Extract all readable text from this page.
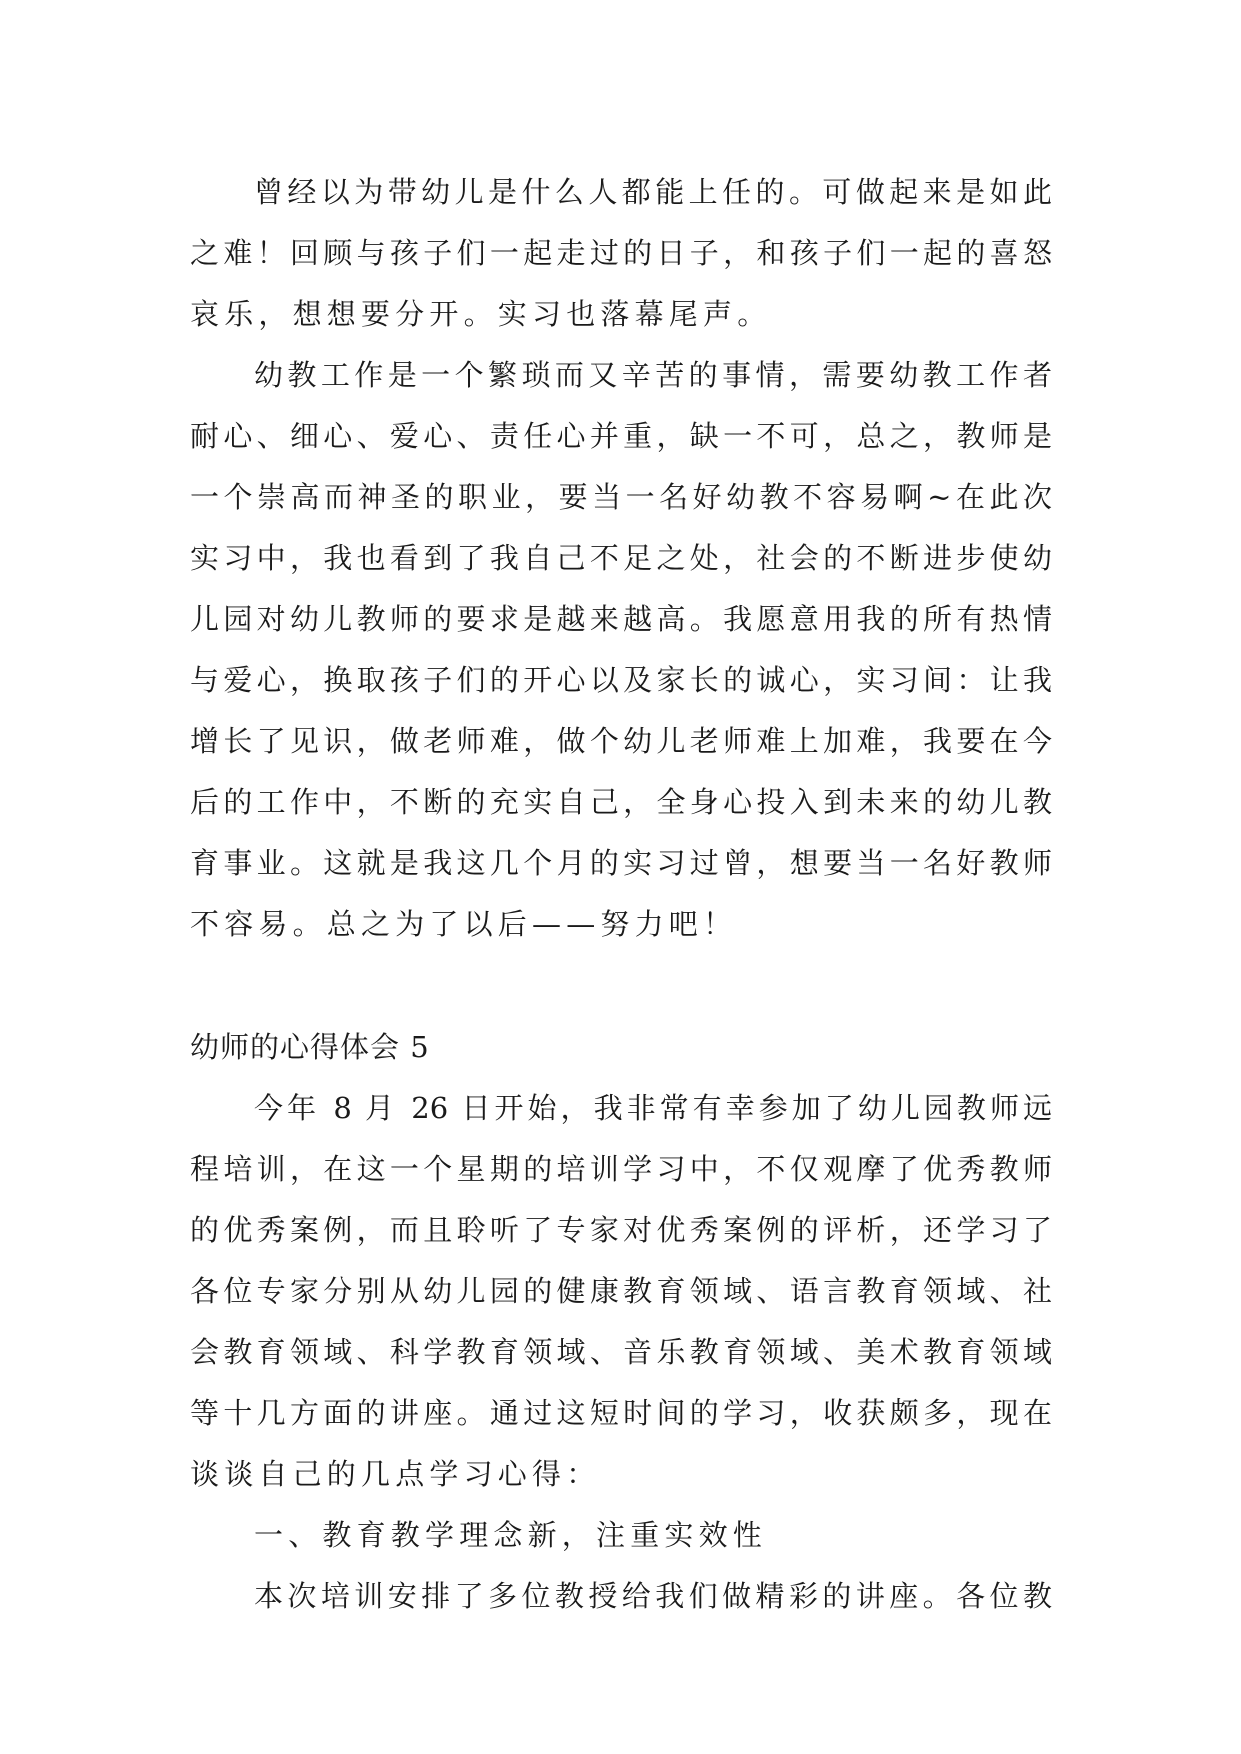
曾经以为带幼儿是什么人都能上任的。可做起来是如此
之难！回顾与孩子们一起走过的日子，和孩子们一起的喜怒
哀乐，想想要分开。实习也落幕尾声。
幼教工作是一个繁琐而又辛苦的事情，需要幼教工作者
耐心、细心、爱心、责任心并重，缺一不可，总之，教师是
一个崇高而神圣的职业，要当一名好幼教不容易啊~在此次
实习中，我也看到了我自己不足之处，社会的不断进步使幼
儿园对幼儿教师的要求是越来越高。我愿意用我的所有热情
与爱心，换取孩子们的开心以及家长的诚心，实习间：让我
增长了见识，做老师难，做个幼儿老师难上加难，我要在今
后的工作中，不断的充实自己，全身心投入到未来的幼儿教
育事业。这就是我这几个月的实习过曾，想要当一名好教师
不容易。总之为了以后——努力吧！
幼师的心得体会 5
今年 8 月 26 日开始，我非常有幸参加了幼儿园教师远
程培训，在这一个星期的培训学习中，不仅观摩了优秀教师
的优秀案例，而且聆听了专家对优秀案例的评析，还学习了
各位专家分别从幼儿园的健康教育领域、语言教育领域、社
会教育领域、科学教育领域、音乐教育领域、美术教育领域
等十几方面的讲座。通过这短时间的学习，收获颇多，现在
谈谈自己的几点学习心得：
一、教育教学理念新，注重实效性
本次培训安排了多位教授给我们做精彩的讲座。各位教
